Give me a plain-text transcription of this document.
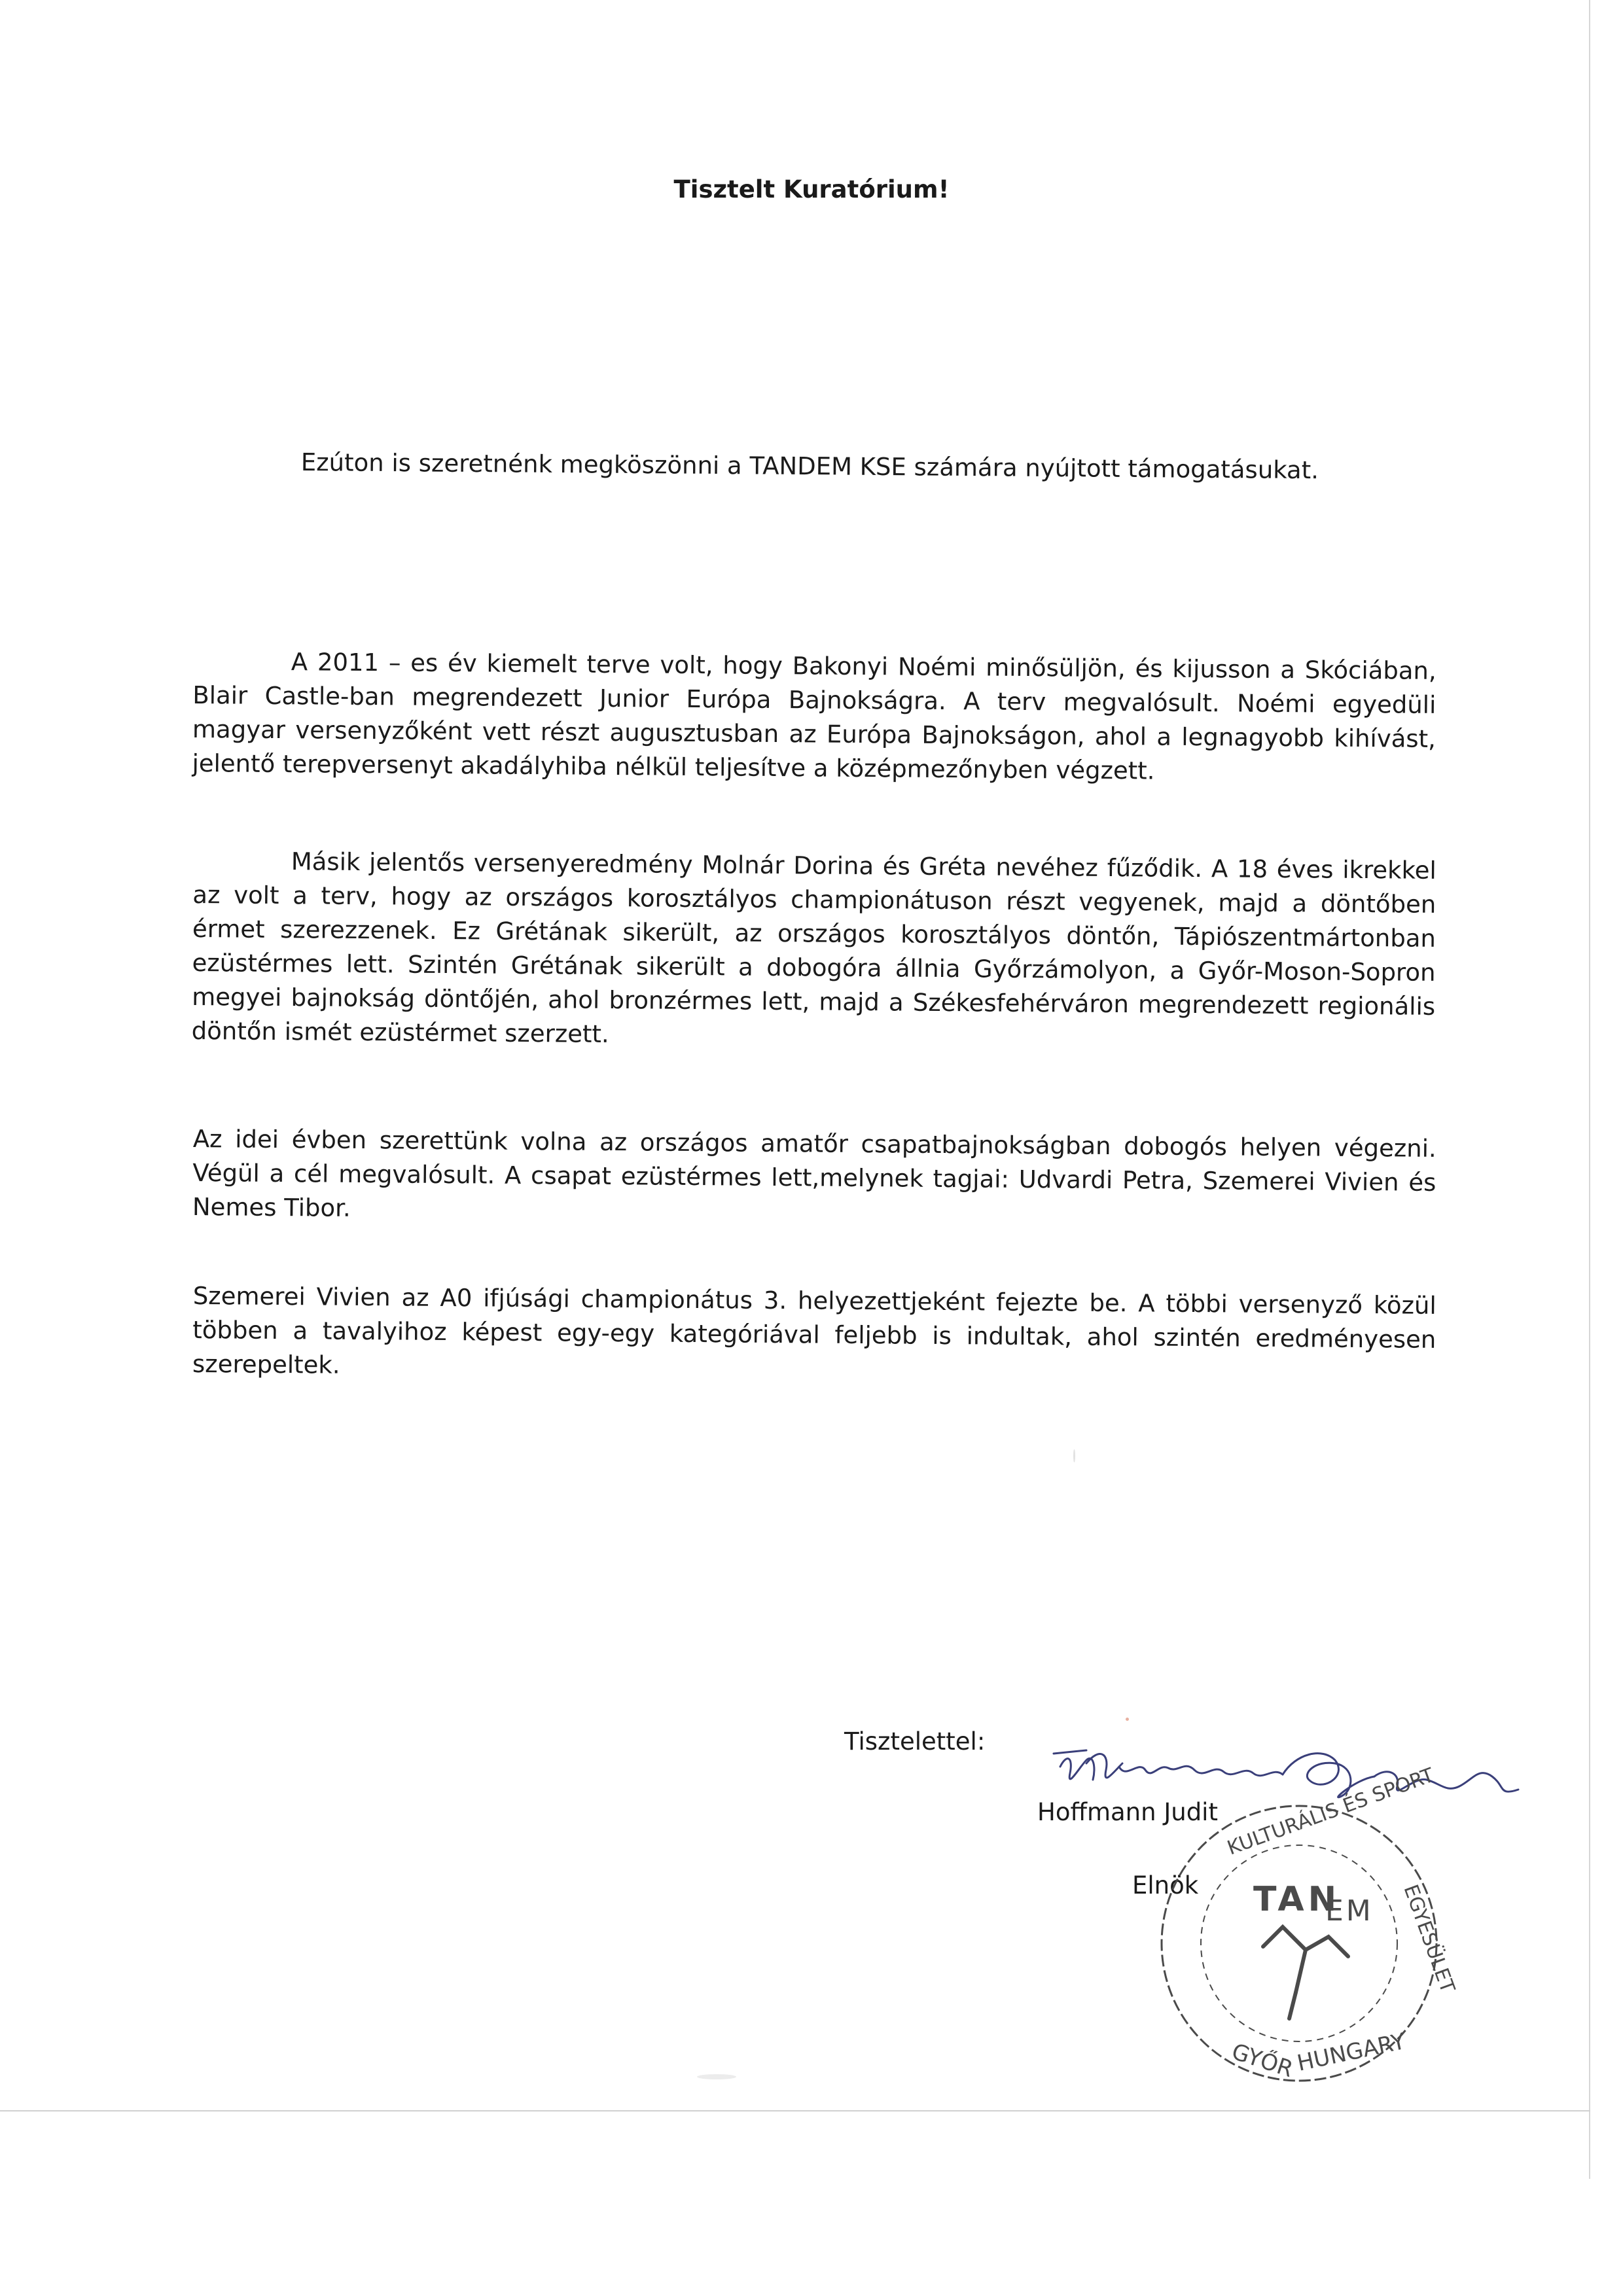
Tisztelt Kuratórium!

Ezúton is szeretnénk megköszönni a TANDEM KSE számára nyújtott támogatásukat.

A 2011 – es év kiemelt terve volt, hogy Bakonyi Noémi minősüljön, és kijusson a Skóciában, Blair Castle-ban megrendezett Junior Európa Bajnokságra. A terv megvalósult. Noémi egyedüli magyar versenyzőként vett részt augusztusban az Európa Bajnokságon, ahol a legnagyobb kihívást, jelentő terepversenyt akadályhiba nélkül teljesítve a középmezőnyben végzett.

Másik jelentős versenyeredmény Molnár Dorina és Gréta nevéhez fűződik. A 18 éves ikrekkel az volt a terv, hogy az országos korosztályos championátuson részt vegyenek, majd a döntőben érmet szerezzenek. Ez Grétának sikerült, az országos korosztályos döntőn, Tápiószentmártonban ezüstérmes lett. Szintén Grétának sikerült a dobogóra állnia Győrzámolyon, a Győr-Moson-Sopron megyei bajnokság döntőjén, ahol bronzérmes lett, majd a Székesfehérváron megrendezett regionális döntőn ismét ezüstérmet szerzett.

Az idei évben szerettünk volna az országos amatőr csapatbajnokságban dobogós helyen végezni. Végül a cél megvalósult. A csapat ezüstérmes lett,melynek tagjai: Udvardi Petra, Szemerei Vivien és Nemes Tibor.

Szemerei Vivien az A0 ifjúsági championátus 3. helyezettjeként fejezte be. A többi versenyző közül többen a tavalyihoz képest egy-egy kategóriával feljebb is indultak, ahol szintén eredményesen szerepeltek.

Tisztelettel:

Hoffmann Judit

Elnök

KULTURÁLIS ÉS SPORT
EGYESÜLET
TAN
EM
GYŐR
HUNGARY
